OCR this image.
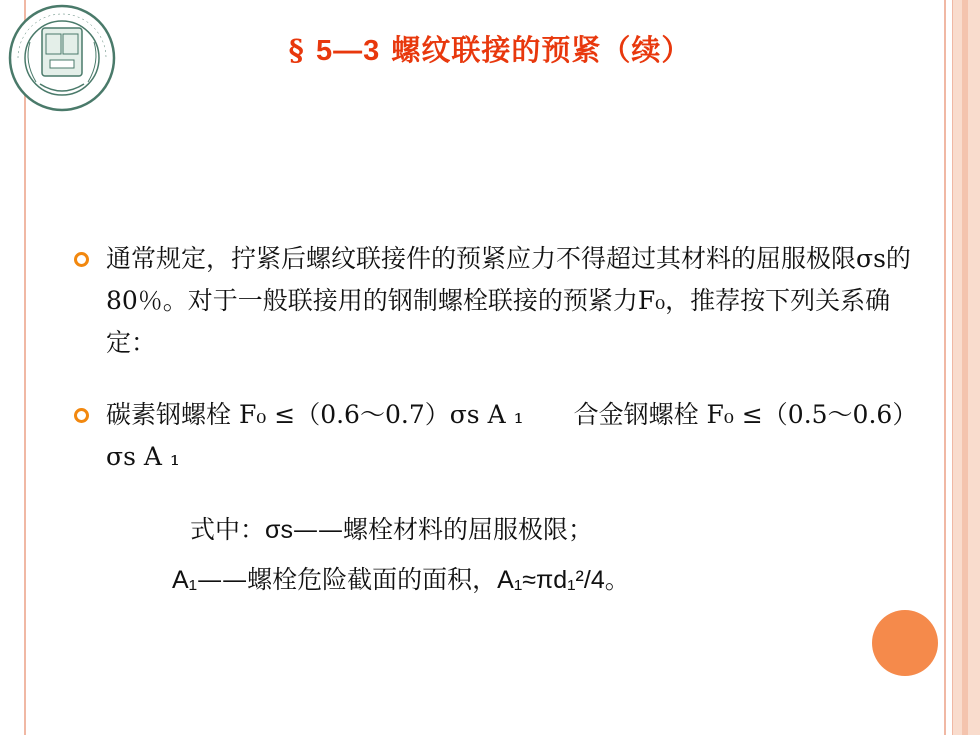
§ 5—3 螺纹联接的预紧（续）
通常规定，拧紧后螺纹联接件的预紧应力不得超过其材料的屈服极限σs的80％。对于一般联接用的钢制螺栓联接的预紧力F₀，推荐按下列关系确定：
碳素钢螺栓 F₀ ≤（0.6～0.7）σs A ₁　　合金钢螺栓 F₀ ≤（0.5～0.6）σs A ₁
式中：σs——螺栓材料的屈服极限；
A₁——螺栓危险截面的面积，A₁≈πd₁²/4。
